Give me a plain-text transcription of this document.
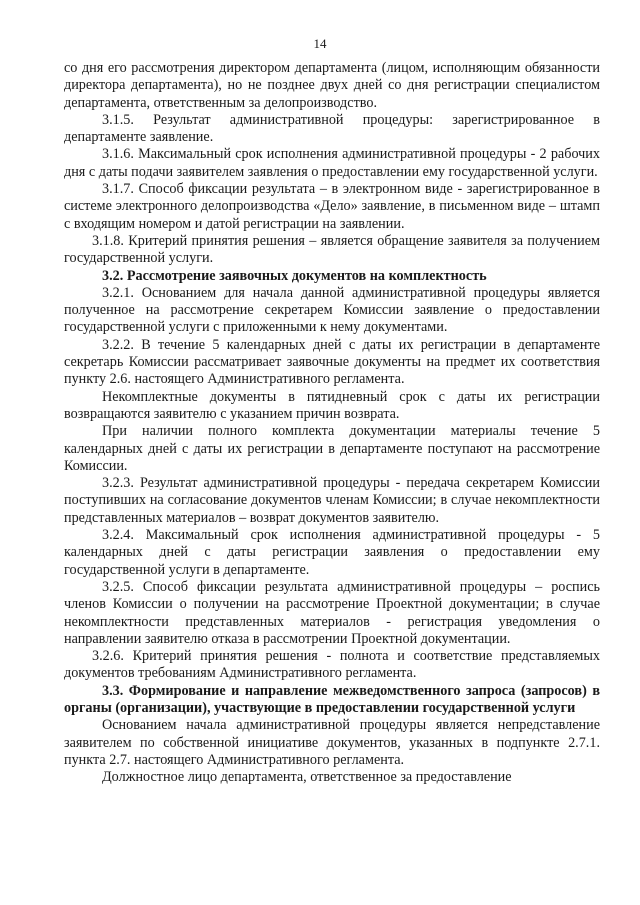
14

со дня его рассмотрения директором департамента (лицом, исполняющим обязанности директора департамента), но не позднее двух дней со дня регистрации специалистом департамента, ответственным за делопроизводство.

3.1.5. Результат административной процедуры: зарегистрированное в департаменте заявление.

3.1.6. Максимальный срок исполнения административной процедуры - 2 рабочих дня с даты подачи заявителем заявления о предоставлении ему государственной услуги.

3.1.7. Способ фиксации результата – в электронном виде - зарегистрированное в системе электронного делопроизводства «Дело» заявление, в письменном виде – штамп с входящим номером и датой регистрации на заявлении.

3.1.8. Критерий принятия решения – является обращение заявителя за получением государственной услуги.

3.2. Рассмотрение заявочных документов на комплектность

3.2.1. Основанием для начала данной административной процедуры является полученное на рассмотрение секретарем Комиссии заявление о предоставлении государственной услуги с приложенными к нему документами.

3.2.2. В течение 5 календарных дней с даты их регистрации в департаменте секретарь Комиссии рассматривает заявочные документы на предмет их соответствия пункту 2.6. настоящего Административного регламента.

Некомплектные документы в пятидневный срок с даты их регистрации возвращаются заявителю с указанием причин возврата.

При наличии полного комплекта документации материалы течение 5 календарных дней с даты их регистрации в департаменте поступают на рассмотрение Комиссии.

3.2.3. Результат административной процедуры - передача секретарем Комиссии поступивших на согласование документов членам Комиссии; в случае некомплектности представленных материалов – возврат документов заявителю.

3.2.4. Максимальный срок исполнения административной процедуры - 5 календарных дней с даты регистрации заявления о предоставлении ему государственной услуги в департаменте.

3.2.5. Способ фиксации результата административной процедуры – роспись членов Комиссии о получении на рассмотрение Проектной документации; в случае некомплектности представленных материалов - регистрация уведомления о направлении заявителю отказа в рассмотрении Проектной документации.

3.2.6. Критерий принятия решения - полнота и соответствие представляемых документов требованиям Административного регламента.

3.3. Формирование и направление межведомственного запроса (запросов) в органы (организации), участвующие в предоставлении государственной услуги

Основанием начала административной процедуры является непредставление заявителем по собственной инициативе документов, указанных в подпункте 2.7.1. пункта 2.7. настоящего Административного регламента.

Должностное лицо департамента, ответственное за предоставление
